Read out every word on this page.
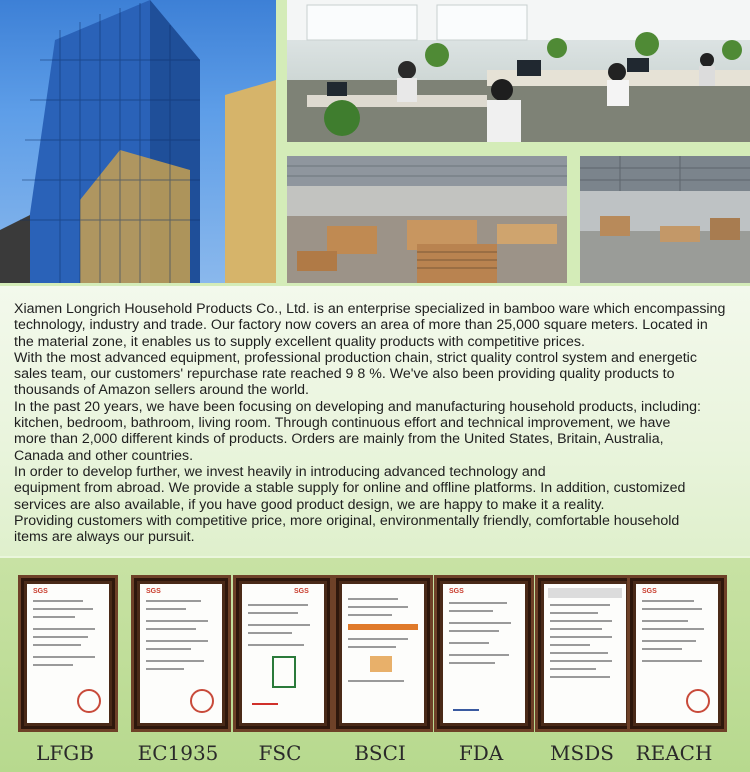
Xiamen Longrich Household Products Co., Ltd. is an enterprise specialized in bamboo ware which encompassing

technology, industry and trade. Our factory now covers an area of more than 25,000 square meters. Located in

the material zone, it enables us to supply excellent quality products with competitive prices.

With the most advanced equipment, professional production chain, strict quality control system and energetic

sales team, our customers' repurchase rate reached 9 8 %. We've also been providing quality products to

thousands of Amazon sellers around the world.

In the past 20 years, we have been focusing on developing and manufacturing household products, including:

kitchen, bedroom, bathroom, living room. Through continuous effort and technical improvement, we have

more than 2,000 different kinds of products. Orders are mainly from the United States, Britain, Australia,

Canada and other countries.

In order to develop further, we invest heavily in introducing advanced technology and

equipment from abroad. We provide a stable supply for online and offline platforms. In addition, customized

services are also available, if you have good product design, we are happy to make it a reality.

Providing customers with competitive price, more original, environmentally friendly, comfortable household

items are always our pursuit.

SGS
LFGB
SGS
EC1935
SGS
FSC	BSCI
SGS
FDA	MSDS
SGS
REACH
